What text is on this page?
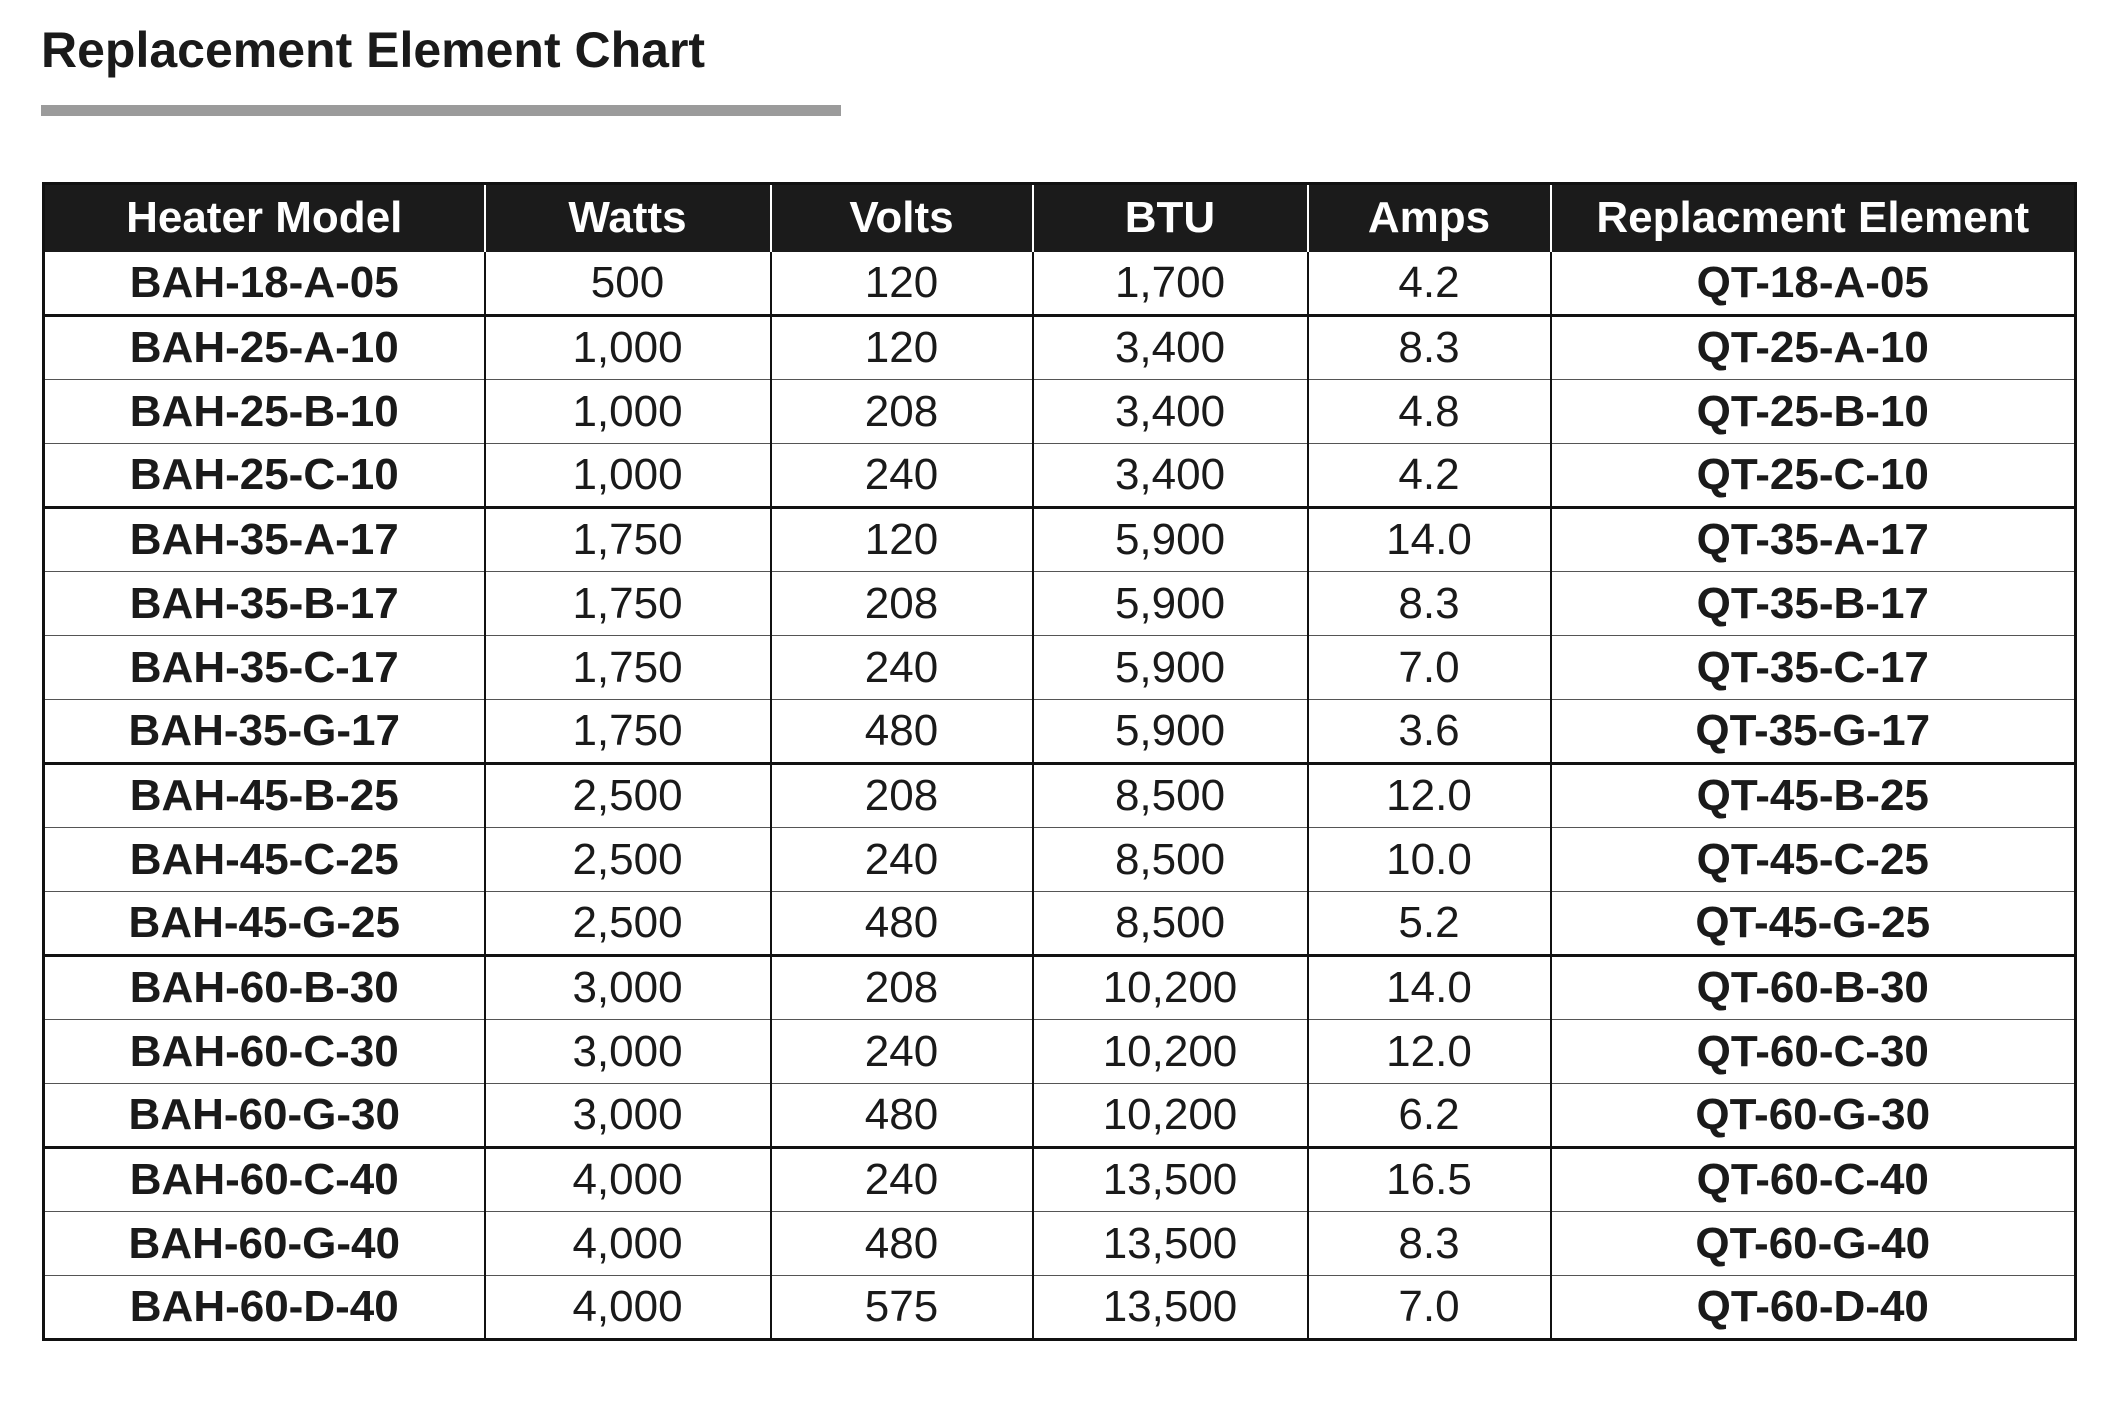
Replacement Element Chart
Heater Model	Watts	Volts	BTU	Amps	Replacment Element
BAH-18-A-05	500	120	1,700	4.2	QT-18-A-05
BAH-25-A-10	1,000	120	3,400	8.3	QT-25-A-10
BAH-25-B-10	1,000	208	3,400	4.8	QT-25-B-10
BAH-25-C-10	1,000	240	3,400	4.2	QT-25-C-10
BAH-35-A-17	1,750	120	5,900	14.0	QT-35-A-17
BAH-35-B-17	1,750	208	5,900	8.3	QT-35-B-17
BAH-35-C-17	1,750	240	5,900	7.0	QT-35-C-17
BAH-35-G-17	1,750	480	5,900	3.6	QT-35-G-17
BAH-45-B-25	2,500	208	8,500	12.0	QT-45-B-25
BAH-45-C-25	2,500	240	8,500	10.0	QT-45-C-25
BAH-45-G-25	2,500	480	8,500	5.2	QT-45-G-25
BAH-60-B-30	3,000	208	10,200	14.0	QT-60-B-30
BAH-60-C-30	3,000	240	10,200	12.0	QT-60-C-30
BAH-60-G-30	3,000	480	10,200	6.2	QT-60-G-30
BAH-60-C-40	4,000	240	13,500	16.5	QT-60-C-40
BAH-60-G-40	4,000	480	13,500	8.3	QT-60-G-40
BAH-60-D-40	4,000	575	13,500	7.0	QT-60-D-40
